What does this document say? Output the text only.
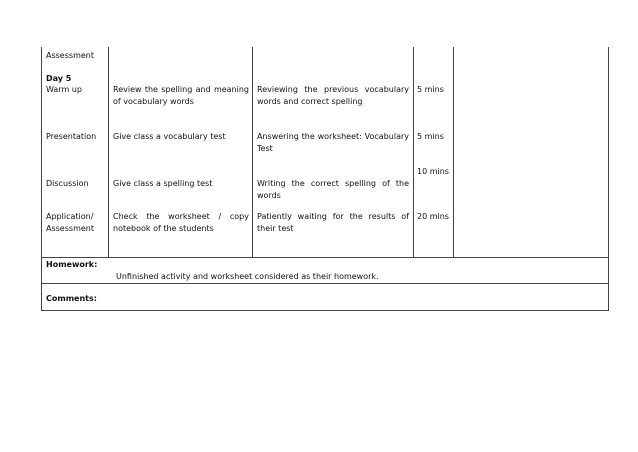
Assessment
Day 5
Warm up
Presentation
Discussion
Application/ Assessment
Review the spelling and meaning of vocabulary words
Give class a vocabulary test
Give class a spelling test
Check the worksheet / copy notebook of the students
Reviewing the previous vocabulary words and correct spelling
Answering the worksheet: Vocabulary Test
Writing the correct spelling of the words
Patiently waiting for the results of their test
5 mins
5 mins
10 mins
20 mins
Homework:
Unfinished activity and worksheet considered as their homework.
Comments:
